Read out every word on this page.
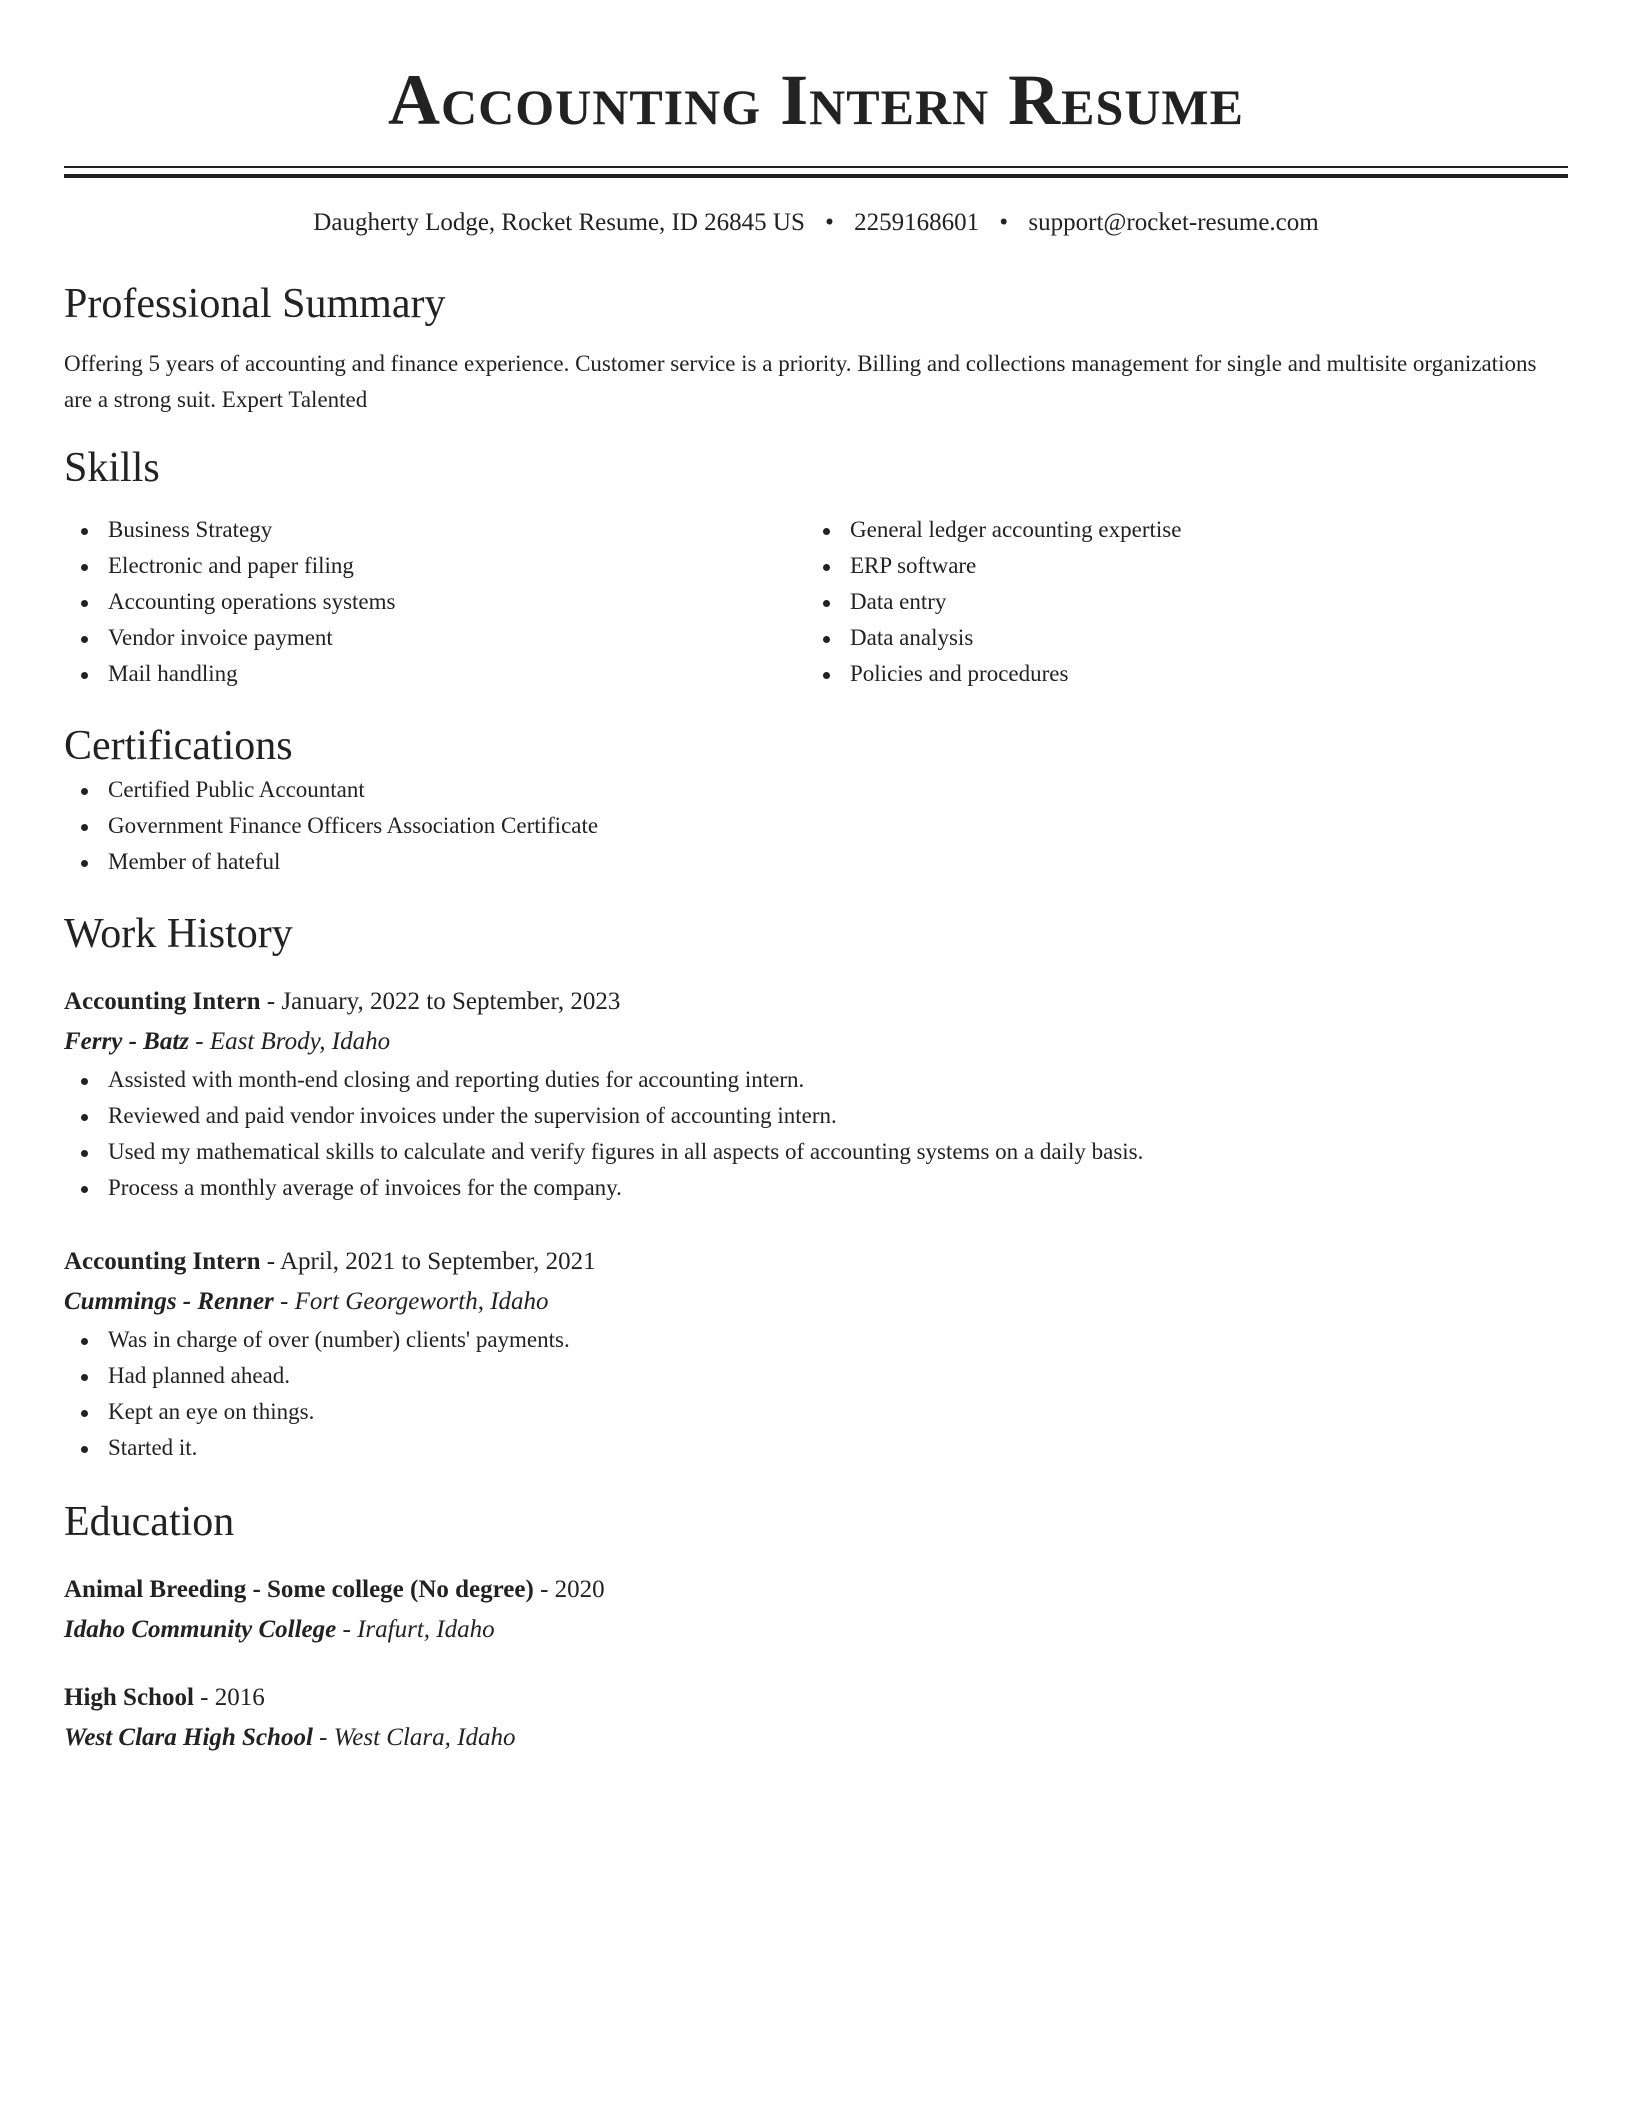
Accounting Intern Resume
Daugherty Lodge, Rocket Resume, ID 26845 US • 2259168601 • support@rocket-resume.com
Professional Summary
Offering 5 years of accounting and finance experience. Customer service is a priority. Billing and collections management for single and multisite organizations are a strong suit. Expert Talented
Skills
Business Strategy
Electronic and paper filing
Accounting operations systems
Vendor invoice payment
Mail handling
General ledger accounting expertise
ERP software
Data entry
Data analysis
Policies and procedures
Certifications
Certified Public Accountant
Government Finance Officers Association Certificate
Member of hateful
Work History
Accounting Intern - January, 2022 to September, 2023
Ferry - Batz - East Brody, Idaho
Assisted with month-end closing and reporting duties for accounting intern.
Reviewed and paid vendor invoices under the supervision of accounting intern.
Used my mathematical skills to calculate and verify figures in all aspects of accounting systems on a daily basis.
Process a monthly average of invoices for the company.
Accounting Intern - April, 2021 to September, 2021
Cummings - Renner - Fort Georgeworth, Idaho
Was in charge of over (number) clients' payments.
Had planned ahead.
Kept an eye on things.
Started it.
Education
Animal Breeding - Some college (No degree) - 2020
Idaho Community College - Irafurt, Idaho
High School - 2016
West Clara High School - West Clara, Idaho
